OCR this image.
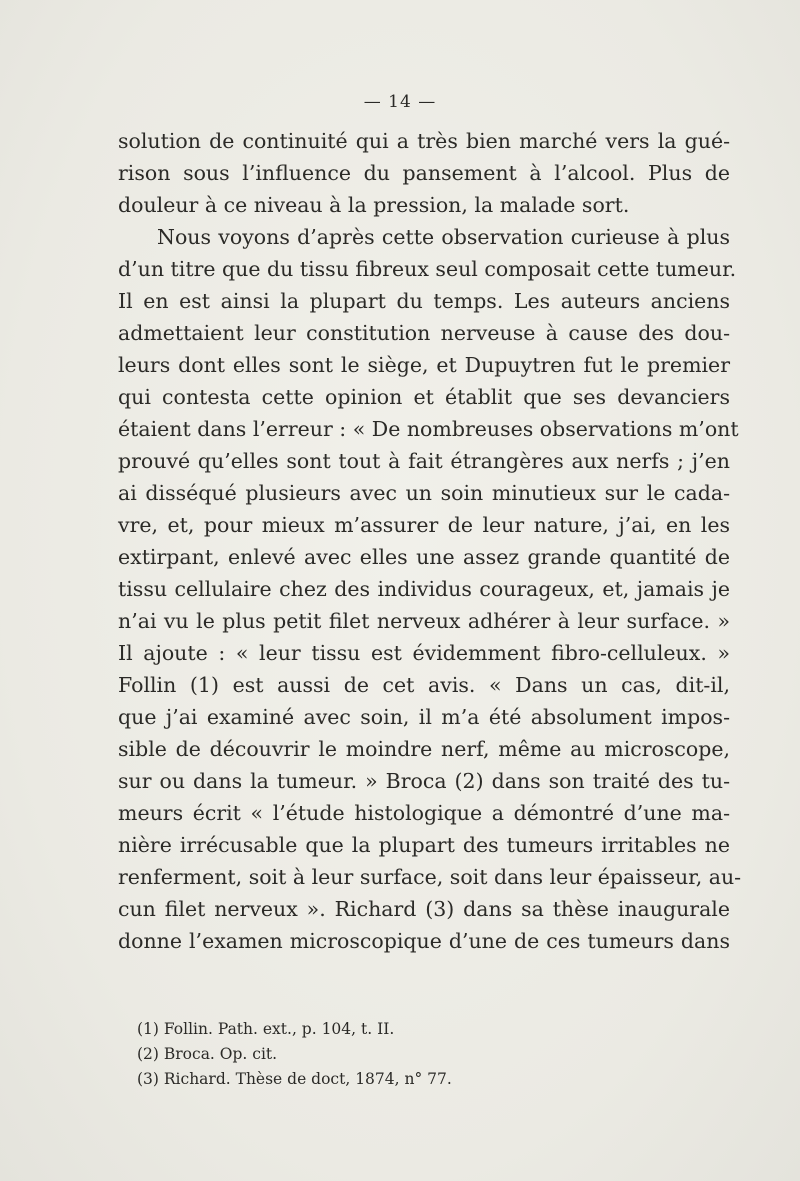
— 14 —
solution de continuité qui a très bien marché vers la gué-
rison sous l’influence du pansement à l’alcool. Plus de
douleur à ce niveau à la pression, la malade sort.
Nous voyons d’après cette observation curieuse à plus
d’un titre que du tissu fibreux seul composait cette tumeur.
Il en est ainsi la plupart du temps. Les auteurs anciens
admettaient leur constitution nerveuse à cause des dou-
leurs dont elles sont le siège, et Dupuytren fut le premier
qui contesta cette opinion et établit que ses devanciers
étaient dans l’erreur : « De nombreuses observations m’ont
prouvé qu’elles sont tout à fait étrangères aux nerfs ; j’en
ai disséqué plusieurs avec un soin minutieux sur le cada-
vre, et, pour mieux m’assurer de leur nature, j’ai, en les
extirpant, enlevé avec elles une assez grande quantité de
tissu cellulaire chez des individus courageux, et, jamais je
n’ai vu le plus petit filet nerveux adhérer à leur surface. »
Il ajoute : « leur tissu est évidemment fibro-celluleux. »
Follin (1) est aussi de cet avis. « Dans un cas, dit-il,
que j’ai examiné avec soin, il m’a été absolument impos-
sible de découvrir le moindre nerf, même au microscope,
sur ou dans la tumeur. » Broca (2) dans son traité des tu-
meurs écrit « l’étude histologique a démontré d’une ma-
nière irrécusable que la plupart des tumeurs irritables ne
renferment, soit à leur surface, soit dans leur épaisseur, au-
cun filet nerveux ». Richard (3) dans sa thèse inaugurale
donne l’examen microscopique d’une de ces tumeurs dans
(1) Follin. Path. ext., p. 104, t. II.
(2) Broca. Op. cit.
(3) Richard. Thèse de doct, 1874, n° 77.
